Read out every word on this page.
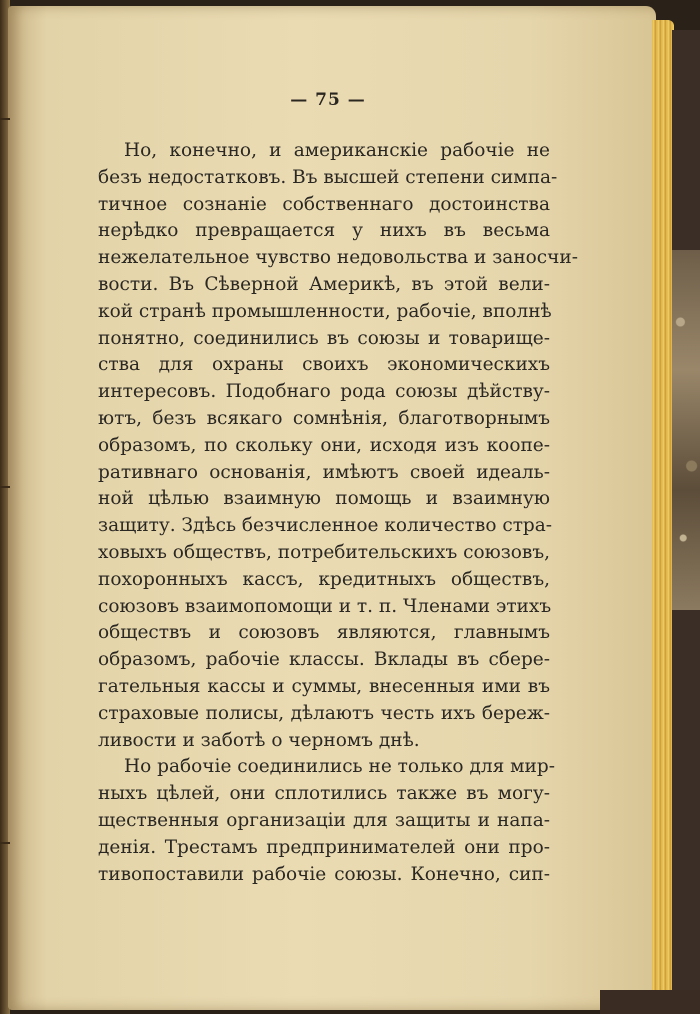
— 75 —
Но, конечно, и американскіе рабочіе не
безъ недостатковъ. Въ высшей степени симпа-
тичное сознаніе собственнаго достоинства
нерѣдко превращается у нихъ въ весьма
нежелательное чувство недовольства и заносчи-
вости. Въ Сѣверной Америкѣ, въ этой вели-
кой странѣ промышленности, рабочіе, вполнѣ
понятно, соединились въ союзы и товарище-
ства для охраны своихъ экономическихъ
интересовъ. Подобнаго рода союзы дѣйству-
ютъ, безъ всякаго сомнѣнія, благотворнымъ
образомъ, по скольку они, исходя изъ коопе-
ративнаго основанія, имѣютъ своей идеаль-
ной цѣлью взаимную помощь и взаимную
защиту. Здѣсь безчисленное количество стра-
ховыхъ обществъ, потребительскихъ союзовъ,
похоронныхъ кассъ, кредитныхъ обществъ,
союзовъ взаимопомощи и т. п. Членами этихъ
обществъ и союзовъ являются, главнымъ
образомъ, рабочіе классы. Вклады въ сбере-
гательныя кассы и суммы, внесенныя ими въ
страховые полисы, дѣлаютъ честь ихъ береж-
ливости и заботѣ о черномъ днѣ.
Но рабочіе соединились не только для мир-
ныхъ цѣлей, они сплотились также въ могу-
щественныя организаціи для защиты и напа-
денія. Трестамъ предпринимателей они про-
тивопоставили рабочіе союзы. Конечно, сип-
